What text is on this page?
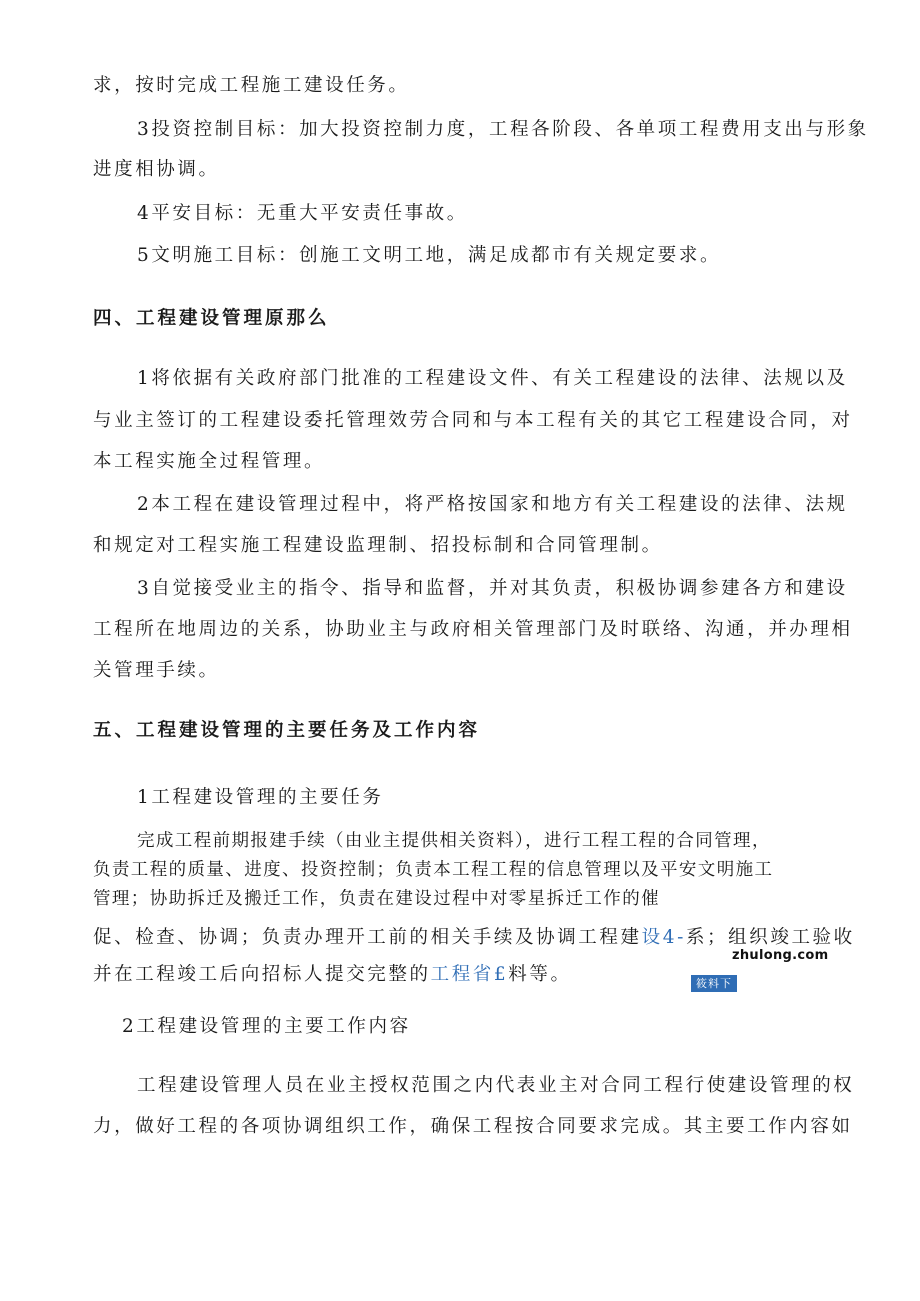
求，按时完成工程施工建设任务。
3投资控制目标：加大投资控制力度，工程各阶段、各单项工程费用支出与形象
进度相协调。
4平安目标：无重大平安责任事故。
5文明施工目标：创施工文明工地，满足成都市有关规定要求。
四、工程建设管理原那么
1将依据有关政府部门批准的工程建设文件、有关工程建设的法律、法规以及
与业主签订的工程建设委托管理效劳合同和与本工程有关的其它工程建设合同，对
本工程实施全过程管理。
2本工程在建设管理过程中，将严格按国家和地方有关工程建设的法律、法规
和规定对工程实施工程建设监理制、招投标制和合同管理制。
3自觉接受业主的指令、指导和监督，并对其负责，积极协调参建各方和建设
工程所在地周边的关系，协助业主与政府相关管理部门及时联络、沟通，并办理相
关管理手续。
五、工程建设管理的主要任务及工作内容
1工程建设管理的主要任务
完成工程前期报建手续（由业主提供相关资料），进行工程工程的合同管理，
负责工程的质量、进度、投资控制；负责本工程工程的信息管理以及平安文明施工
管理；协助拆迁及搬迁工作，负责在建设过程中对零星拆迁工作的催
促、检查、协调；负责办理开工前的相关手续及协调工程建设4-系；组织竣工验收
并在工程竣工后向招标人提交完整的工程省£料等。
2工程建设管理的主要工作内容
工程建设管理人员在业主授权范围之内代表业主对合同工程行使建设管理的权
力，做好工程的各项协调组织工作，确保工程按合同要求完成。其主要工作内容如
zhulong.com
筱料下
